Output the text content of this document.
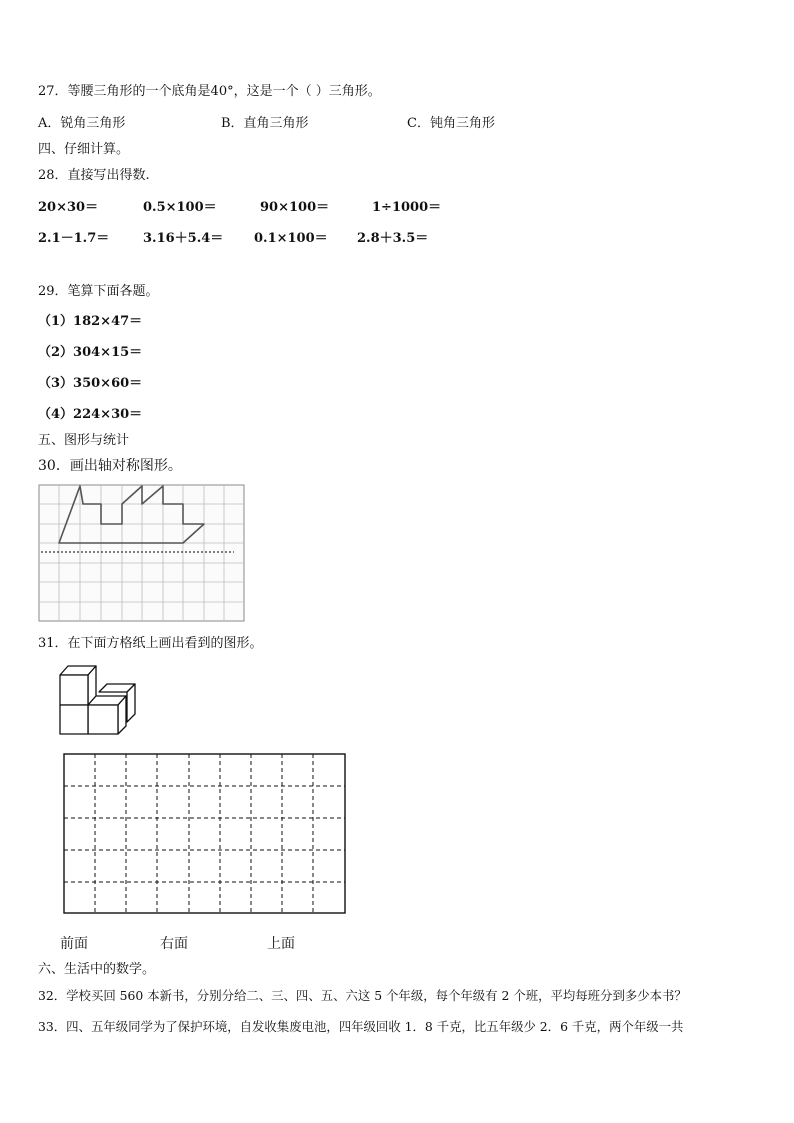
27．等腰三角形的一个底角是40°，这是一个（ ）三角形。
A．锐角三角形	B．直角三角形	C．钝角三角形
四、仔细计算。
28．直接写出得数.
20×30＝	0.5×100＝	90×100＝	1÷1000＝
2.1－1.7＝	3.16＋5.4＝ 0.1×100＝ 2.8＋3.5＝
29．笔算下面各题。
（1）182×47＝
（2）304×15＝
（3）350×60＝
（4）224×30＝
五、图形与统计
30．画出轴对称图形。
31．在下面方格纸上画出看到的图形。
前面	右面	上面
六、生活中的数学。
32．学校买回 560 本新书，分别分给二、三、四、五、六这 5 个年级，每个年级有 2 个班，平均每班分到多少本书？
33．四、五年级同学为了保护环境，自发收集废电池，四年级回收 1．8 千克，比五年级少 2．6 千克，两个年级一共
